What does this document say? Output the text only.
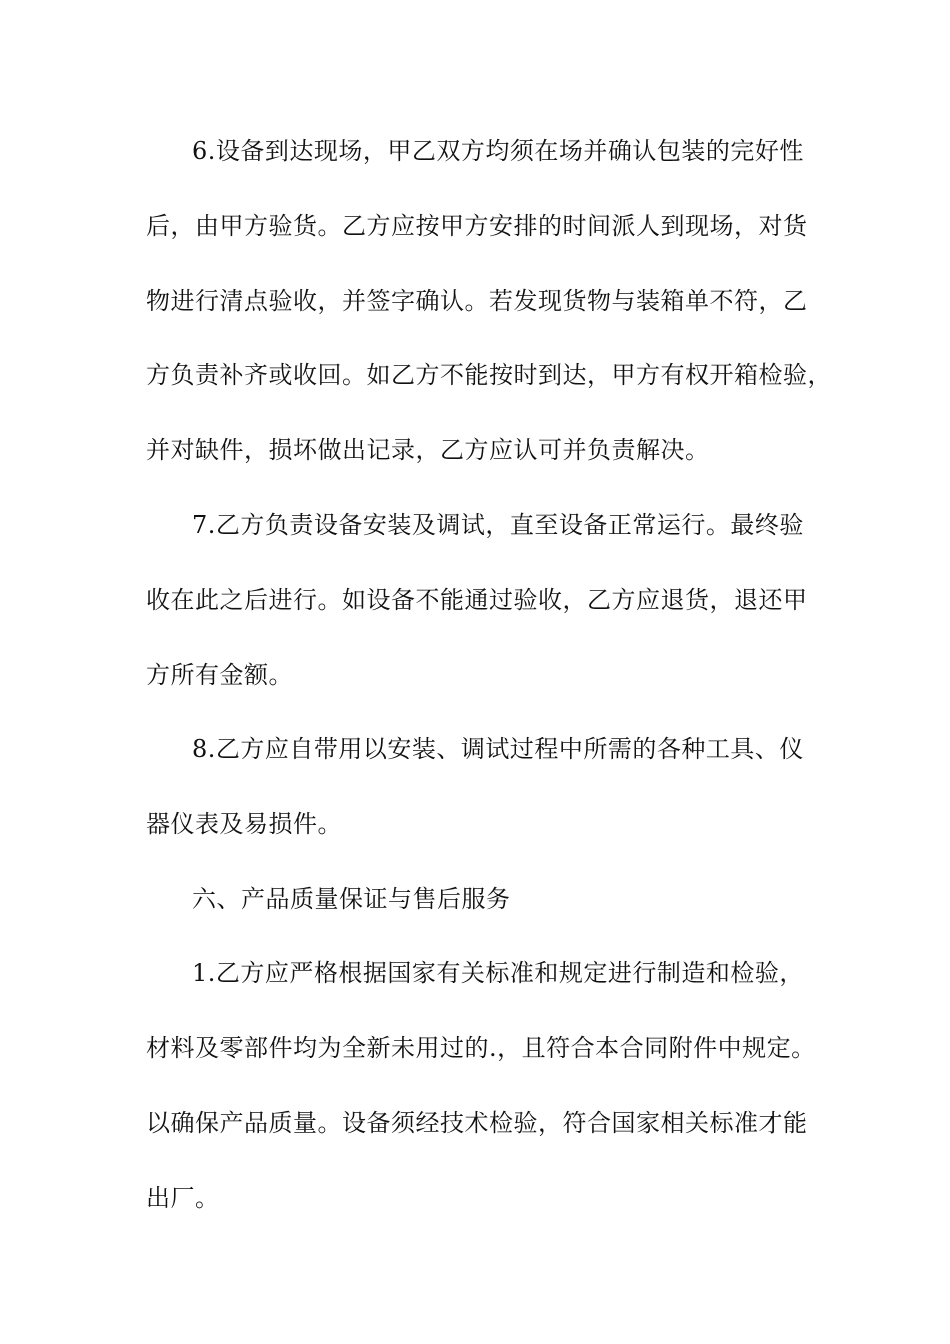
6.设备到达现场，甲乙双方均须在场并确认包装的完好性
后，由甲方验货。乙方应按甲方安排的时间派人到现场，对货
物进行清点验收，并签字确认。若发现货物与装箱单不符，乙
方负责补齐或收回。如乙方不能按时到达，甲方有权开箱检验，
并对缺件，损坏做出记录，乙方应认可并负责解决。
7.乙方负责设备安装及调试，直至设备正常运行。最终验
收在此之后进行。如设备不能通过验收，乙方应退货，退还甲
方所有金额。
8.乙方应自带用以安装、调试过程中所需的各种工具、仪
器仪表及易损件。
六、产品质量保证与售后服务
1.乙方应严格根据国家有关标准和规定进行制造和检验，
材料及零部件均为全新未用过的.，且符合本合同附件中规定。
以确保产品质量。设备须经技术检验，符合国家相关标准才能
出厂。
